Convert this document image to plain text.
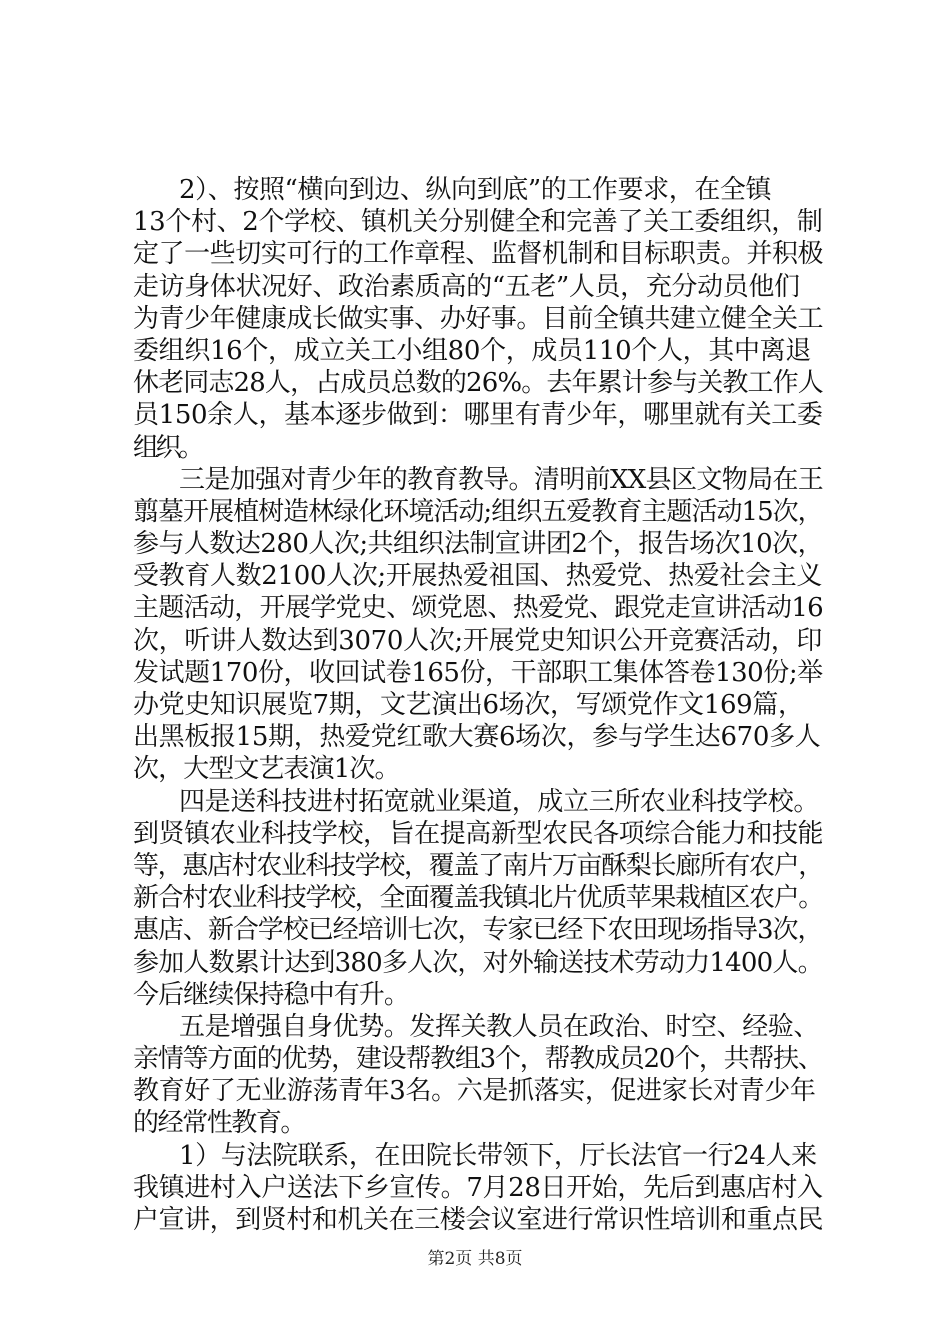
2）、按照“横向到边、纵向到底”的工作要求，在全镇
13个村、2个学校、镇机关分别健全和完善了关工委组织，制
定了一些切实可行的工作章程、监督机制和目标职责。并积极
走访身体状况好、政治素质高的“五老”人员，充分动员他们
为青少年健康成长做实事、办好事。目前全镇共建立健全关工
委组织16个，成立关工小组80个，成员110个人，其中离退
休老同志28人，占成员总数的26%。去年累计参与关教工作人
员150余人，基本逐步做到：哪里有青少年，哪里就有关工委
组织。
三是加强对青少年的教育教导。清明前XX县区文物局在王
翦墓开展植树造林绿化环境活动;组织五爱教育主题活动15次，
参与人数达280人次;共组织法制宣讲团2个，报告场次10次，
受教育人数2100人次;开展热爱祖国、热爱党、热爱社会主义
主题活动，开展学党史、颂党恩、热爱党、跟党走宣讲活动16
次，听讲人数达到3070人次;开展党史知识公开竞赛活动，印
发试题170份，收回试卷165份，干部职工集体答卷130份;举
办党史知识展览7期，文艺演出6场次，写颂党作文169篇，
出黑板报15期，热爱党红歌大赛6场次，参与学生达670多人
次，大型文艺表演1次。
四是送科技进村拓宽就业渠道，成立三所农业科技学校。
到贤镇农业科技学校，旨在提高新型农民各项综合能力和技能
等，惠店村农业科技学校，覆盖了南片万亩酥梨长廊所有农户，
新合村农业科技学校，全面覆盖我镇北片优质苹果栽植区农户。
惠店、新合学校已经培训七次，专家已经下农田现场指导3次，
参加人数累计达到380多人次，对外输送技术劳动力1400人。
今后继续保持稳中有升。
五是增强自身优势。发挥关教人员在政治、时空、经验、
亲情等方面的优势，建设帮教组3个，帮教成员20个，共帮扶、
教育好了无业游荡青年3名。六是抓落实，促进家长对青少年
的经常性教育。
1）与法院联系，在田院长带领下，厅长法官一行24人来
我镇进村入户送法下乡宣传。7月28日开始，先后到惠店村入
户宣讲，到贤村和机关在三楼会议室进行常识性培训和重点民
第2页 共8页
